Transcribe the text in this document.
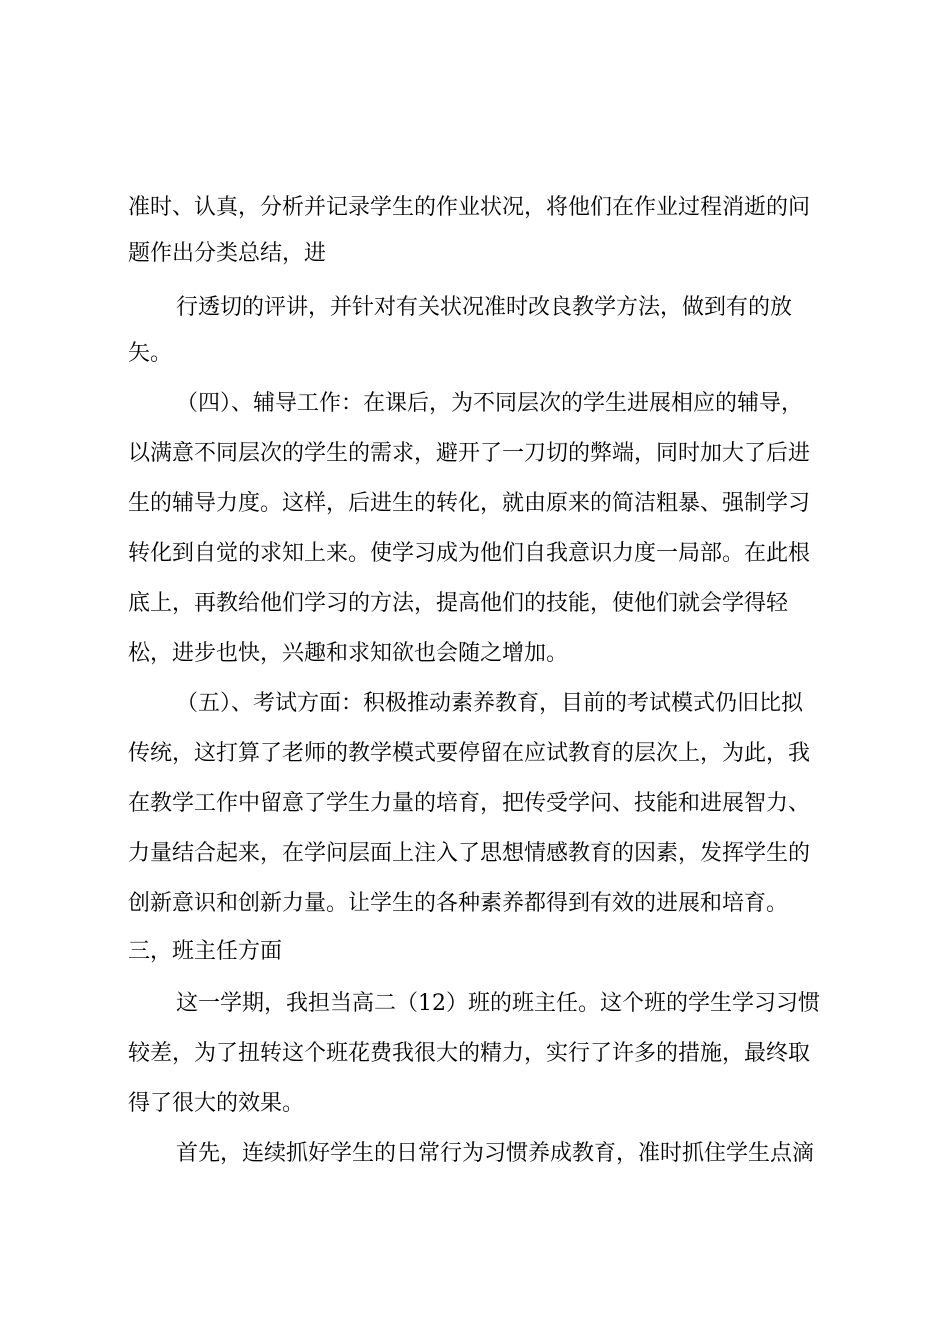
准时、认真，分析并记录学生的作业状况，将他们在作业过程消逝的问
题作出分类总结，进
行透切的评讲，并针对有关状况准时改良教学方法，做到有的放
矢。
（四）、辅导工作：在课后，为不同层次的学生进展相应的辅导，
以满意不同层次的学生的需求，避开了一刀切的弊端，同时加大了后进
生的辅导力度。这样，后进生的转化，就由原来的简洁粗暴、强制学习
转化到自觉的求知上来。使学习成为他们自我意识力度一局部。在此根
底上，再教给他们学习的方法，提高他们的技能，使他们就会学得轻
松，进步也快，兴趣和求知欲也会随之增加。
（五）、考试方面：积极推动素养教育，目前的考试模式仍旧比拟
传统，这打算了老师的教学模式要停留在应试教育的层次上，为此，我
在教学工作中留意了学生力量的培育，把传受学问、技能和进展智力、
力量结合起来，在学问层面上注入了思想情感教育的因素，发挥学生的
创新意识和创新力量。让学生的各种素养都得到有效的进展和培育。
三，班主任方面
这一学期，我担当高二（12）班的班主任。这个班的学生学习习惯
较差，为了扭转这个班花费我很大的精力，实行了许多的措施，最终取
得了很大的效果。
首先，连续抓好学生的日常行为习惯养成教育，准时抓住学生点滴
